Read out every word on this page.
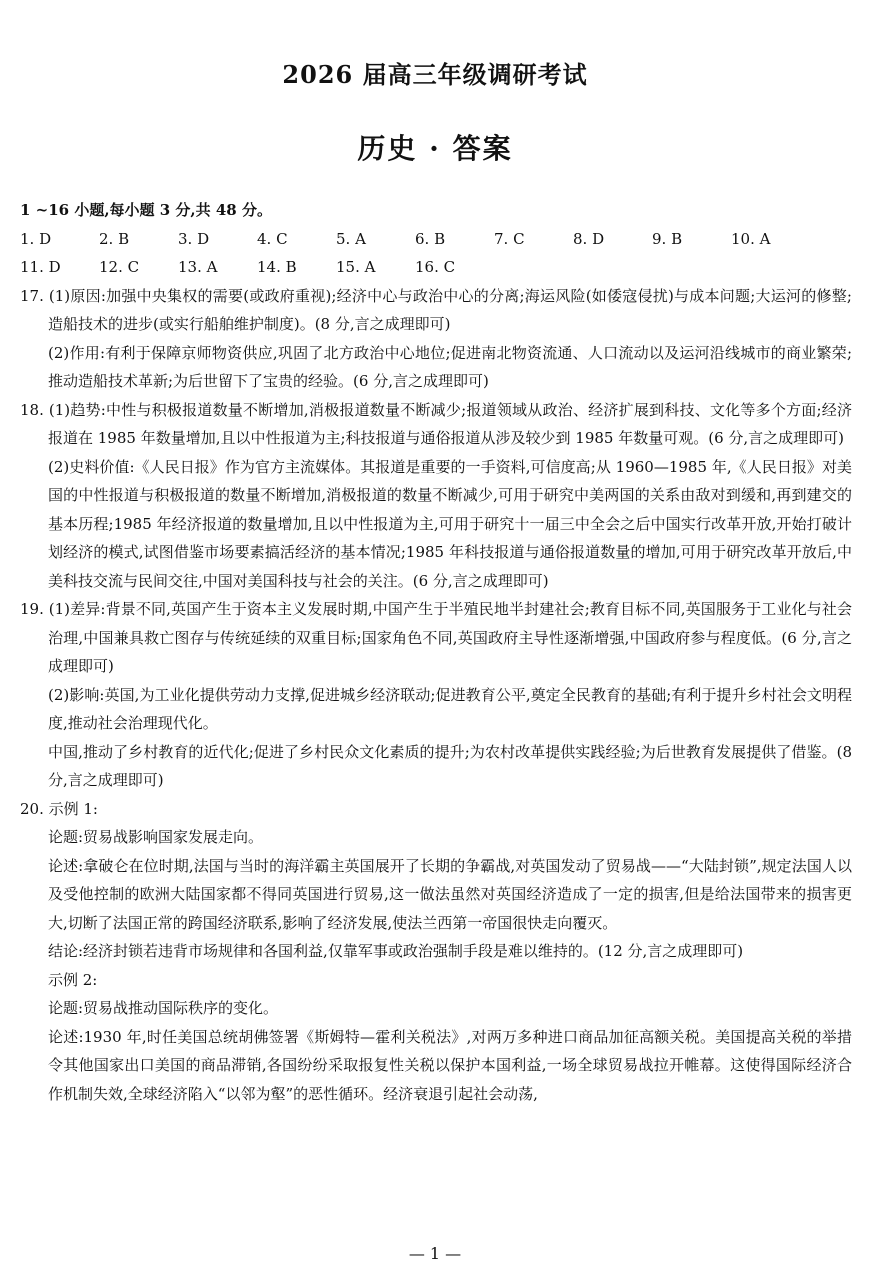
2026 届高三年级调研考试
历史 · 答案

1 ~16 小题,每小题 3 分,共 48 分。

1. D	2. B	3. D	4. C	5. A	6. B	7. C	8. D	9. B	10. A
11. D	12. C	13. A	14. B	15. A	16. C

17. (1)原因:加强中央集权的需要(或政府重视);经济中心与政治中心的分离;海运风险(如倭寇侵扰)与成本问题;大运河的修整;造船技术的进步(或实行船舶维护制度)。(8 分,言之成理即可)

(2)作用:有利于保障京师物资供应,巩固了北方政治中心地位;促进南北物资流通、人口流动以及运河沿线城市的商业繁荣;推动造船技术革新;为后世留下了宝贵的经验。(6 分,言之成理即可)

18. (1)趋势:中性与积极报道数量不断增加,消极报道数量不断减少;报道领域从政治、经济扩展到科技、文化等多个方面;经济报道在 1985 年数量增加,且以中性报道为主;科技报道与通俗报道从涉及较少到 1985 年数量可观。(6 分,言之成理即可)

(2)史料价值:《人民日报》作为官方主流媒体。其报道是重要的一手资料,可信度高;从 1960—1985 年,《人民日报》对美国的中性报道与积极报道的数量不断增加,消极报道的数量不断减少,可用于研究中美两国的关系由敌对到缓和,再到建交的基本历程;1985 年经济报道的数量增加,且以中性报道为主,可用于研究十一届三中全会之后中国实行改革开放,开始打破计划经济的模式,试图借鉴市场要素搞活经济的基本情况;1985 年科技报道与通俗报道数量的增加,可用于研究改革开放后,中美科技交流与民间交往,中国对美国科技与社会的关注。(6 分,言之成理即可)

19. (1)差异:背景不同,英国产生于资本主义发展时期,中国产生于半殖民地半封建社会;教育目标不同,英国服务于工业化与社会治理,中国兼具救亡图存与传统延续的双重目标;国家角色不同,英国政府主导性逐渐增强,中国政府参与程度低。(6 分,言之成理即可)

(2)影响:英国,为工业化提供劳动力支撑,促进城乡经济联动;促进教育公平,奠定全民教育的基础;有利于提升乡村社会文明程度,推动社会治理现代化。

中国,推动了乡村教育的近代化;促进了乡村民众文化素质的提升;为农村改革提供实践经验;为后世教育发展提供了借鉴。(8 分,言之成理即可)

20. 示例 1:

论题:贸易战影响国家发展走向。

论述:拿破仑在位时期,法国与当时的海洋霸主英国展开了长期的争霸战,对英国发动了贸易战——“大陆封锁”,规定法国人以及受他控制的欧洲大陆国家都不得同英国进行贸易,这一做法虽然对英国经济造成了一定的损害,但是给法国带来的损害更大,切断了法国正常的跨国经济联系,影响了经济发展,使法兰西第一帝国很快走向覆灭。

结论:经济封锁若违背市场规律和各国利益,仅靠军事或政治强制手段是难以维持的。(12 分,言之成理即可)

示例 2:

论题:贸易战推动国际秩序的变化。

论述:1930 年,时任美国总统胡佛签署《斯姆特—霍利关税法》,对两万多种进口商品加征高额关税。美国提高关税的举措令其他国家出口美国的商品滞销,各国纷纷采取报复性关税以保护本国利益,一场全球贸易战拉开帷幕。这使得国际经济合作机制失效,全球经济陷入“以邻为壑”的恶性循环。经济衰退引起社会动荡,

— 1 —
